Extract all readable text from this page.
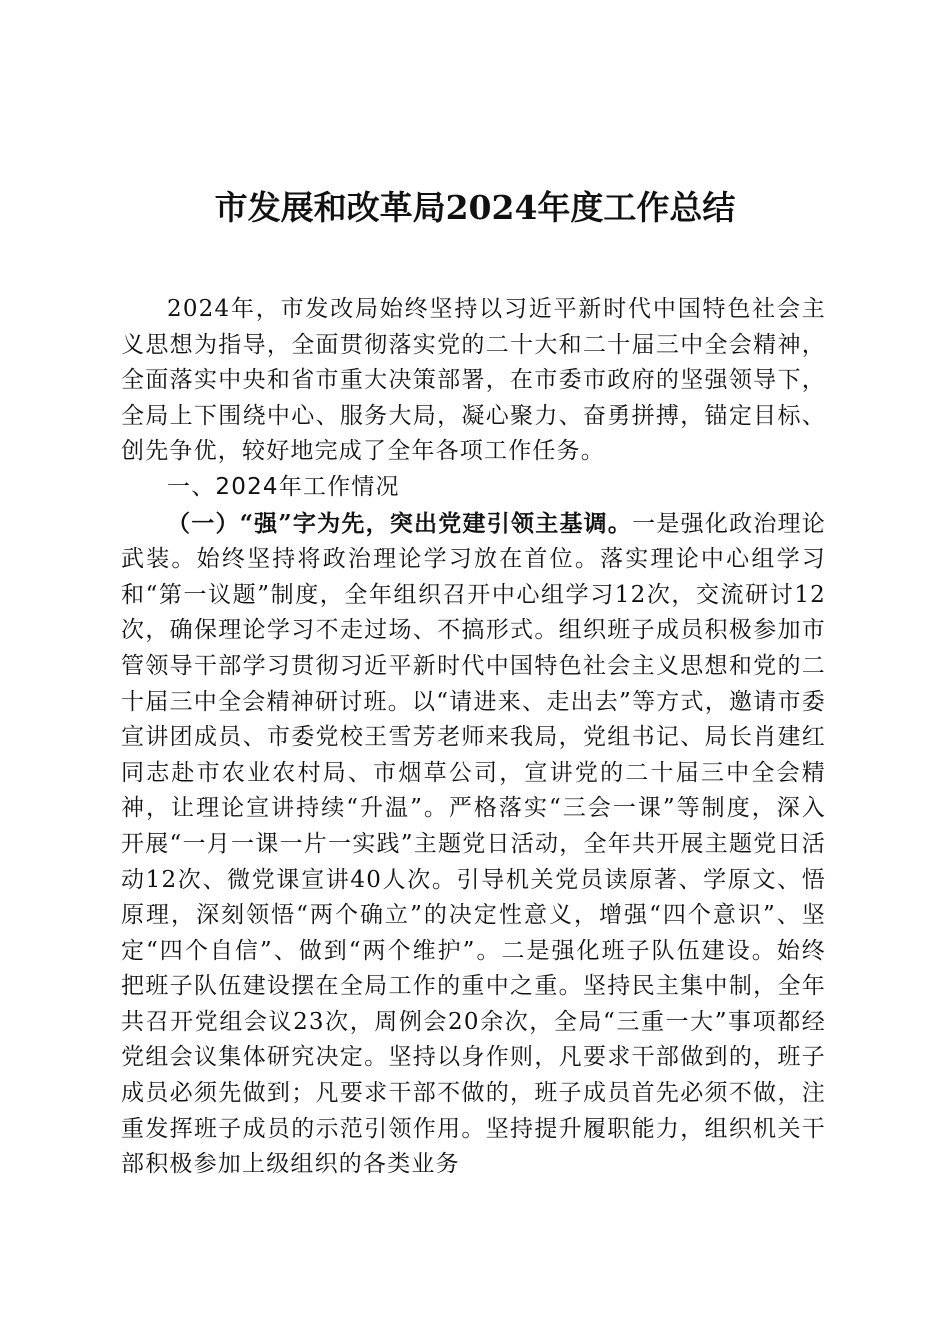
市发展和改革局2024年度工作总结

2024年，市发改局始终坚持以习近平新时代中国特色社会主义思想为指导，全面贯彻落实党的二十大和二十届三中全会精神，全面落实中央和省市重大决策部署，在市委市政府的坚强领导下，全局上下围绕中心、服务大局，凝心聚力、奋勇拼搏，锚定目标、创先争优，较好地完成了全年各项工作任务。

一、2024年工作情况

（一）“强”字为先，突出党建引领主基调。一是强化政治理论武装。始终坚持将政治理论学习放在首位。落实理论中心组学习和“第一议题”制度，全年组织召开中心组学习12次，交流研讨12次，确保理论学习不走过场、不搞形式。组织班子成员积极参加市管领导干部学习贯彻习近平新时代中国特色社会主义思想和党的二十届三中全会精神研讨班。以“请进来、走出去”等方式，邀请市委宣讲团成员、市委党校王雪芳老师来我局，党组书记、局长肖建红同志赴市农业农村局、市烟草公司，宣讲党的二十届三中全会精神，让理论宣讲持续“升温”。严格落实“三会一课”等制度，深入开展“一月一课一片一实践”主题党日活动，全年共开展主题党日活动12次、微党课宣讲40人次。引导机关党员读原著、学原文、悟原理，深刻领悟“两个确立”的决定性意义，增强“四个意识”、坚定“四个自信”、做到“两个维护”。二是强化班子队伍建设。始终把班子队伍建设摆在全局工作的重中之重。坚持民主集中制，全年共召开党组会议23次，周例会20余次，全局“三重一大”事项都经党组会议集体研究决定。坚持以身作则，凡要求干部做到的，班子成员必须先做到；凡要求干部不做的，班子成员首先必须不做，注重发挥班子成员的示范引领作用。坚持提升履职能力，组织机关干部积极参加上级组织的各类业务
